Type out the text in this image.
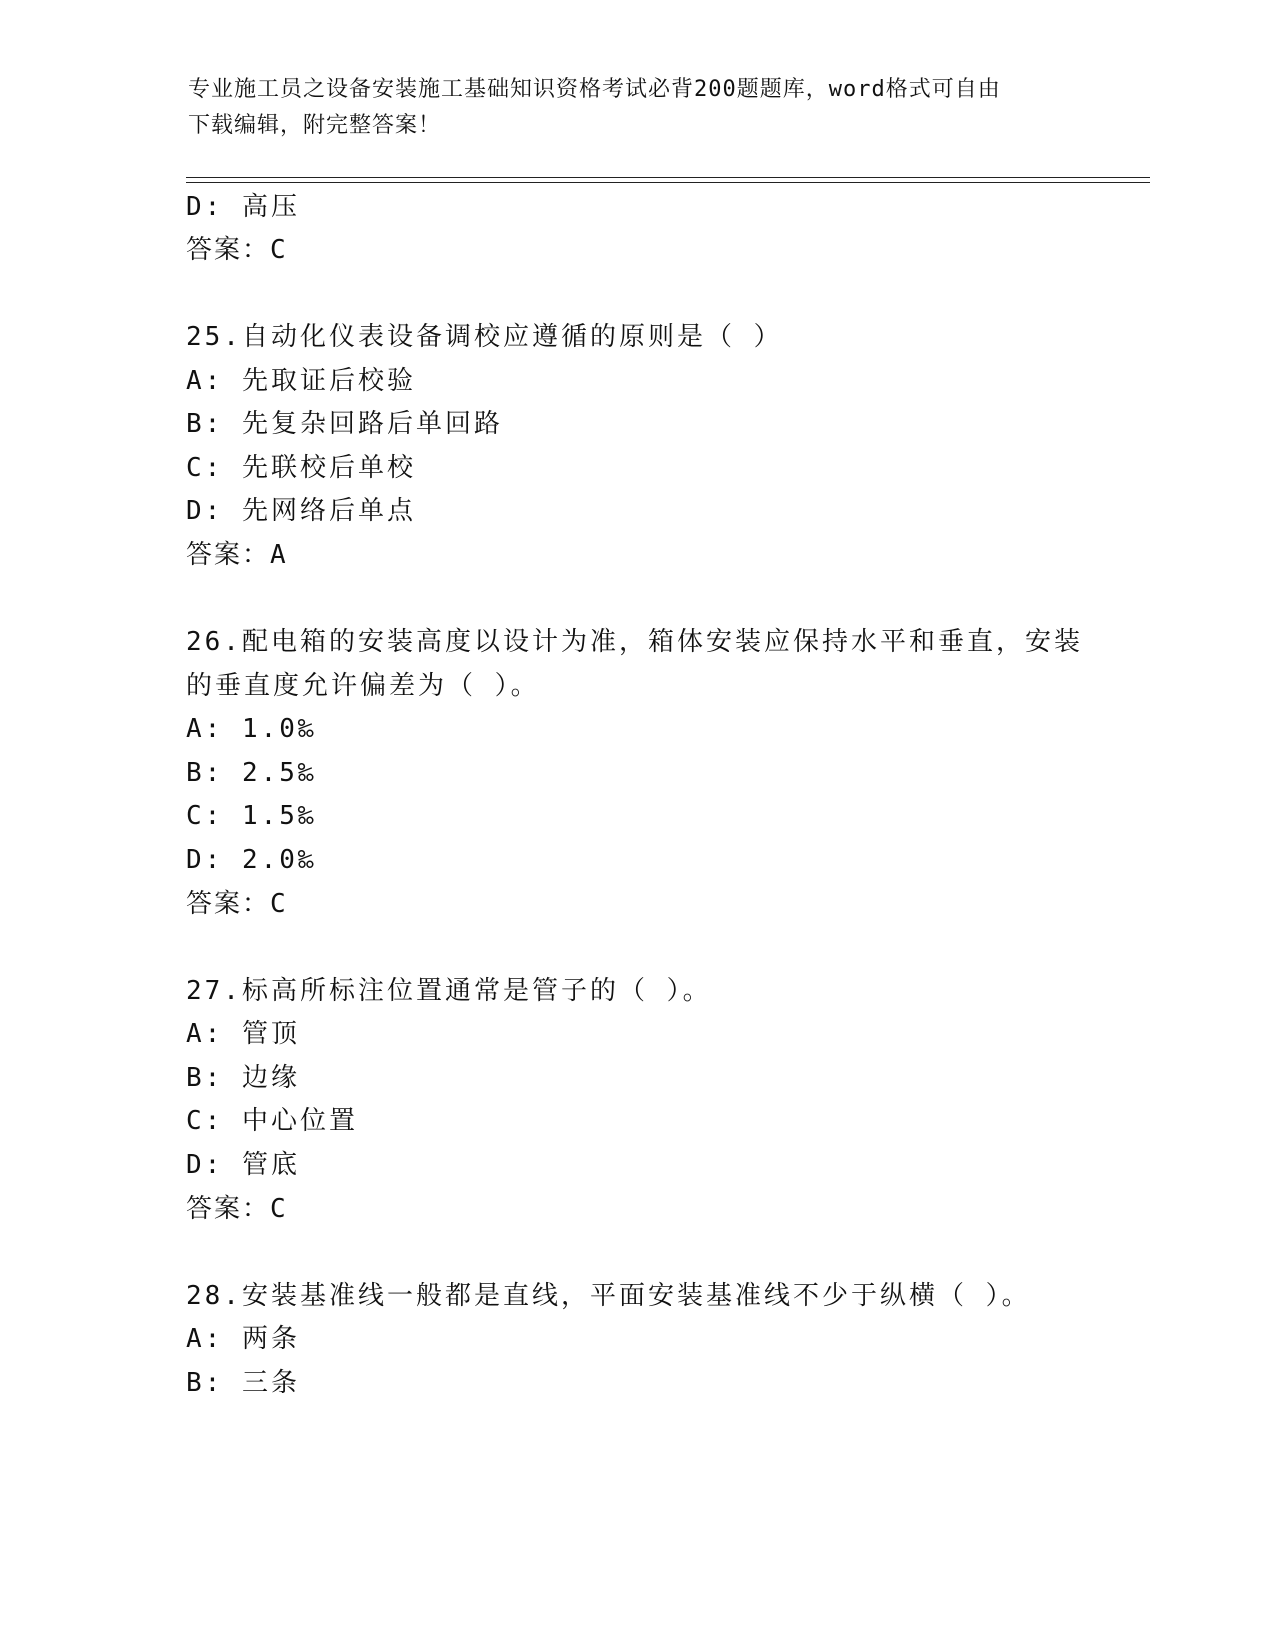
专业施工员之设备安装施工基础知识资格考试必背200题题库，word格式可自由
下载编辑，附完整答案！
D: 高压
答案：C
25.自动化仪表设备调校应遵循的原则是（ ）
A: 先取证后校验
B: 先复杂回路后单回路
C: 先联校后单校
D: 先网络后单点
答案：A
26.配电箱的安装高度以设计为准，箱体安装应保持水平和垂直，安装
的垂直度允许偏差为（ ）。
A: 1.0‰
B: 2.5‰
C: 1.5‰
D: 2.0‰
答案：C
27.标高所标注位置通常是管子的（ ）。
A: 管顶
B: 边缘
C: 中心位置
D: 管底
答案：C
28.安装基准线一般都是直线，平面安装基准线不少于纵横（ ）。
A: 两条
B: 三条
